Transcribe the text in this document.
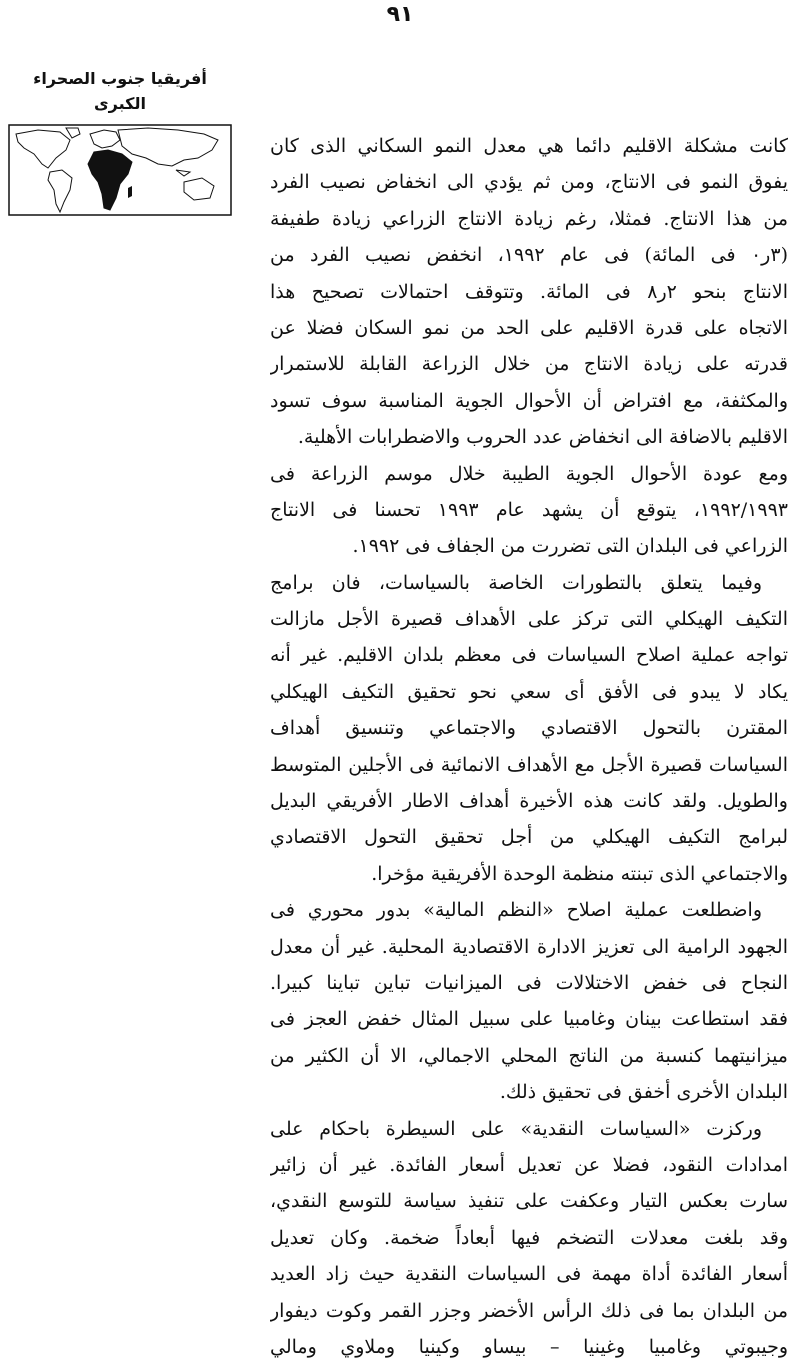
٩١
أفريقيا جنوب الصحراء
الكبرى
كانت مشكلة الاقليم دائما هي معدل النمو السكاني الذى كان
يفوق النمو فى الانتاج، ومن ثم يؤدي الى انخفاض نصيب الفرد
من هذا الانتاج. فمثلا، رغم زيادة الانتاج الزراعي زيادة طفيفة
(٣ر٠ فى المائة) فى عام ١٩٩٢، انخفض نصيب الفرد من
الانتاج بنحو ٢ر٨ فى المائة. وتتوقف احتمالات تصحيح هذا
الاتجاه على قدرة الاقليم على الحد من نمو السكان فضلا عن
قدرته على زيادة الانتاج من خلال الزراعة القابلة للاستمرار
والمكثفة، مع افتراض أن الأحوال الجوية المناسبة سوف تسود
الاقليم بالاضافة الى انخفاض عدد الحروب والاضطرابات الأهلية.
ومع عودة الأحوال الجوية الطيبة خلال موسم الزراعة فى
١٩٩٢/١٩٩٣، يتوقع أن يشهد عام ١٩٩٣ تحسنا فى الانتاج
الزراعي فى البلدان التى تضررت من الجفاف فى ١٩٩٢.
وفيما يتعلق بالتطورات الخاصة بالسياسات، فان برامج
التكيف الهيكلي التى تركز على الأهداف قصيرة الأجل مازالت
تواجه عملية اصلاح السياسات فى معظم بلدان الاقليم. غير أنه
يكاد لا يبدو فى الأفق أى سعي نحو تحقيق التكيف الهيكلي
المقترن بالتحول الاقتصادي والاجتماعي وتنسيق أهداف
السياسات قصيرة الأجل مع الأهداف الانمائية فى الأجلين المتوسط
والطويل. ولقد كانت هذه الأخيرة أهداف الاطار الأفريقي البديل
لبرامج التكيف الهيكلي من أجل تحقيق التحول الاقتصادي
والاجتماعي الذى تبنته منظمة الوحدة الأفريقية مؤخرا.
واضطلعت عملية اصلاح «النظم المالية» بدور محوري فى
الجهود الرامية الى تعزيز الادارة الاقتصادية المحلية. غير أن معدل
النجاح فى خفض الاختلالات فى الميزانيات تباين تباينا كبيرا.
فقد استطاعت بينان وغامبيا على سبيل المثال خفض العجز فى
ميزانيتهما كنسبة من الناتج المحلي الاجمالي، الا أن الكثير من
البلدان الأخرى أخفق فى تحقيق ذلك.
وركزت «السياسات النقدية» على السيطرة باحكام على
امدادات النقود، فضلا عن تعديل أسعار الفائدة. غير أن زائير
سارت بعكس التيار وعكفت على تنفيذ سياسة للتوسع النقدي،
وقد بلغت معدلات التضخم فيها أبعاداً ضخمة. وكان تعديل
أسعار الفائدة أداة مهمة فى السياسات النقدية حيث زاد العديد
من البلدان بما فى ذلك الرأس الأخضر وجزر القمر وكوت ديفوار
وجيبوتي وغامبيا وغينيا – بيساو وكينيا وملاوي ومالي
